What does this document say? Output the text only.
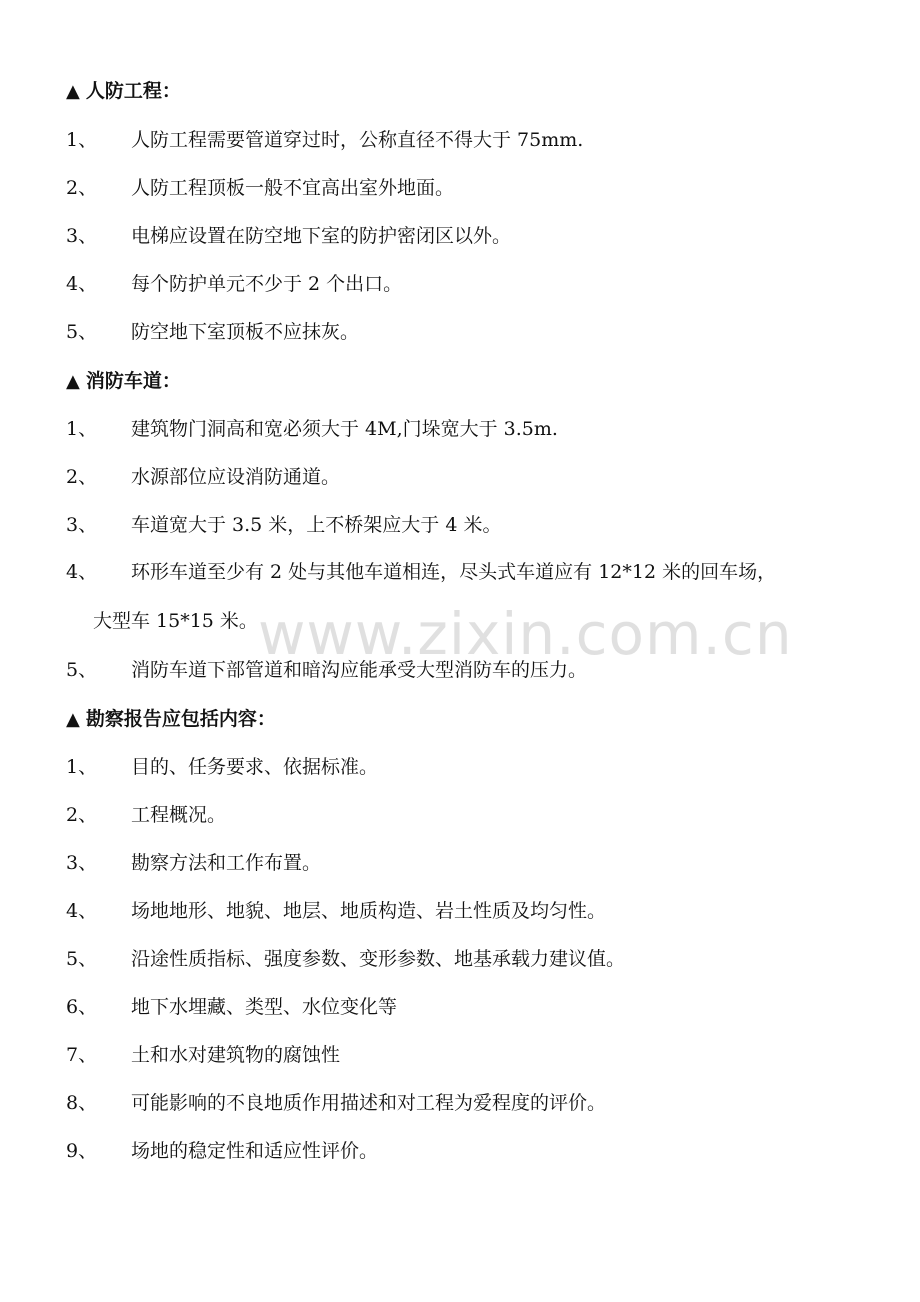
▲ 人防工程：
1、	人防工程需要管道穿过时，公称直径不得大于 75mm.
2、	人防工程顶板一般不宜高出室外地面。
3、	电梯应设置在防空地下室的防护密闭区以外。
4、	每个防护单元不少于 2 个出口。
5、	防空地下室顶板不应抹灰。
▲ 消防车道：
1、	建筑物门洞高和宽必须大于 4M,门垛宽大于 3.5m.
2、	水源部位应设消防通道。
3、	车道宽大于 3.5 米，上不桥架应大于 4 米。
4、	环形车道至少有 2 处与其他车道相连，尽头式车道应有 12*12 米的回车场，
大型车 15*15 米。
5、	消防车道下部管道和暗沟应能承受大型消防车的压力。
▲ 勘察报告应包括内容：
1、	目的、任务要求、依据标准。
2、	工程概况。
3、	勘察方法和工作布置。
4、	场地地形、地貌、地层、地质构造、岩土性质及均匀性。
5、	沿途性质指标、强度参数、变形参数、地基承载力建议值。
6、	地下水埋藏、类型、水位变化等
7、	土和水对建筑物的腐蚀性
8、	可能影响的不良地质作用描述和对工程为爱程度的评价。
9、	场地的稳定性和适应性评价。
www.zixin.com.cn
